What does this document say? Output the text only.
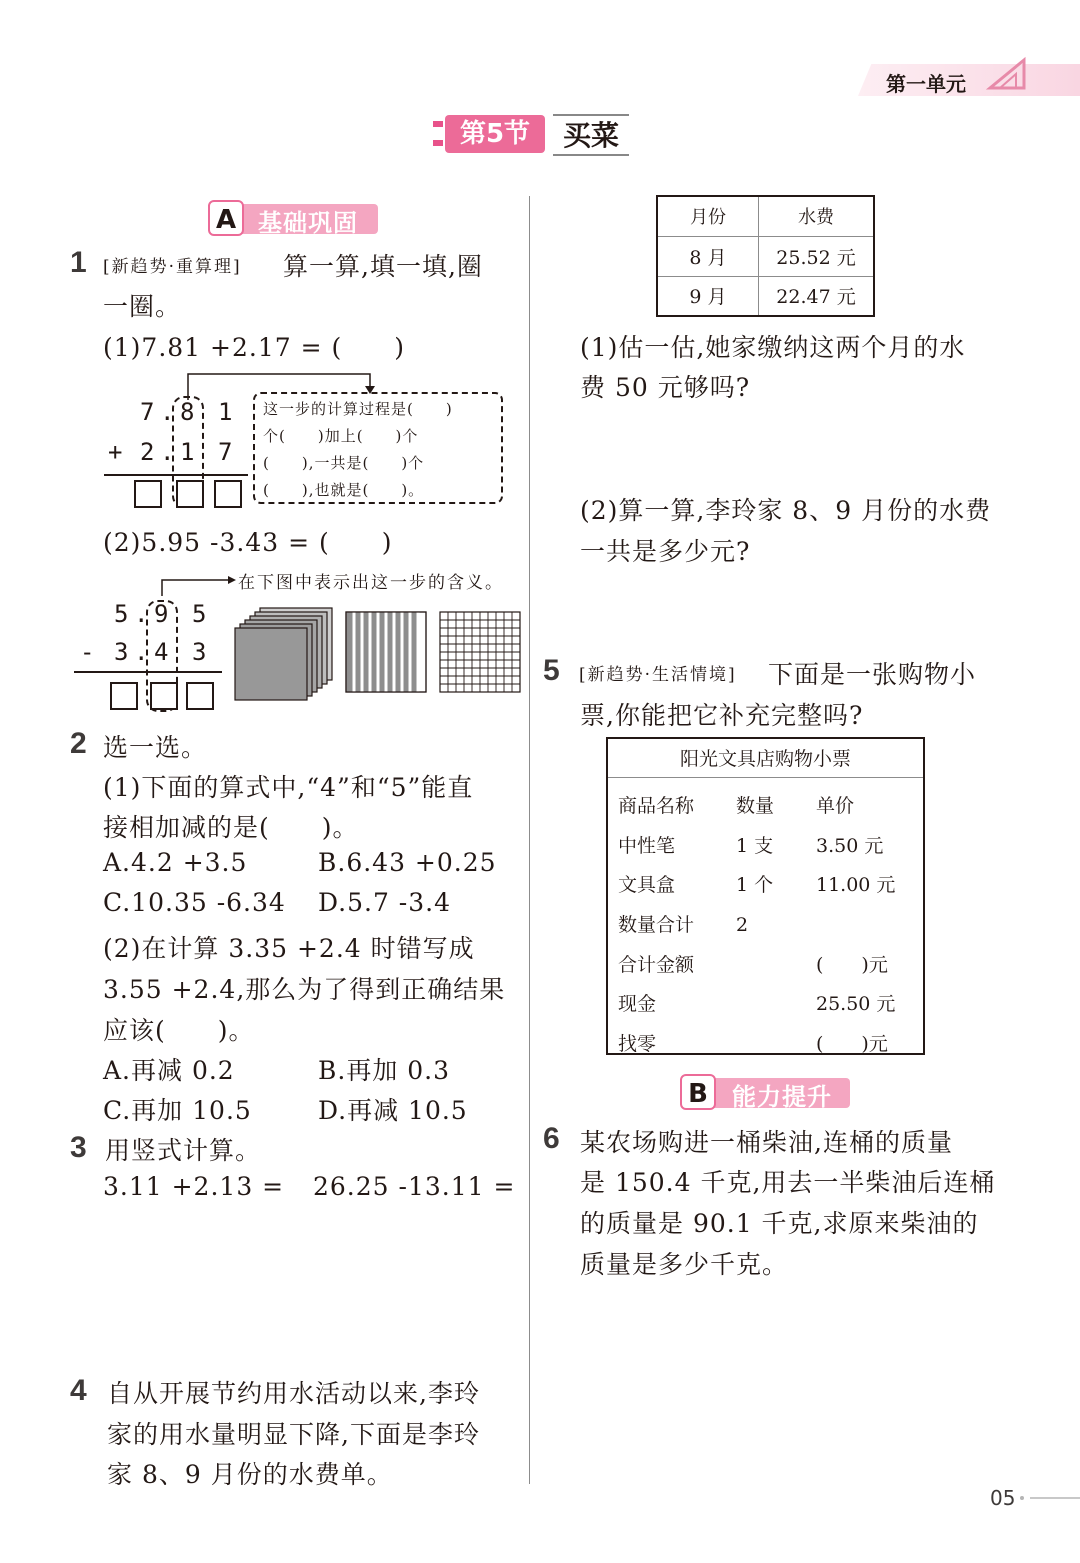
第一单元
第5节	买菜
A 基础巩固
1 [新趋势·重算理] 算一算,填一填,圈
一圈。
(1)7.81 +2.17 = (　　)
7 . 8 1
+ 2 . 1 7
这一步的计算过程是(　　)
个(　　)加上(　　)个
(　　),一共是(　　)个
(　　),也就是(　　)。
(2)5.95 -3.43 = (　　)
5 . 9 5
- 3 . 4 3
在下图中表示出这一步的含义。
2 选一选。
(1)下面的算式中,“4”和“5”能直
接相加减的是(　　)。
A.4.2 +3.5	B.6.43 +0.25
C.10.35 -6.34 D.5.7 -3.4
(2)在计算 3.35 +2.4 时错写成
3.55 +2.4,那么为了得到正确结果
应该(　　)。
A.再减 0.2	B.再加 0.3
C.再加 10.5	D.再减 10.5
3 用竖式计算。
3.11 +2.13 = 26.25 -13.11 =
4 自从开展节约用水活动以来,李玲
家的用水量明显下降,下面是李玲
家 8、9 月份的水费单。
月份	水费
8 月	25.52 元
9 月	22.47 元
(1)估一估,她家缴纳这两个月的水
费 50 元够吗?
(2)算一算,李玲家 8、9 月份的水费
一共是多少元?
5 [新趋势·生活情境] 下面是一张购物小
票,你能把它补充完整吗?
阳光文具店购物小票
商品名称 数量 单价
中性笔	1 支 3.50 元
文具盒	1 个 11.00 元
数量合计 2
合计金额	(　　)元
现金	25.50 元
找零	(　　)元
B	能力提升
6 某农场购进一桶柴油,连桶的质量
是 150.4 千克,用去一半柴油后连桶
的质量是 90.1 千克,求原来柴油的
质量是多少千克。
05
